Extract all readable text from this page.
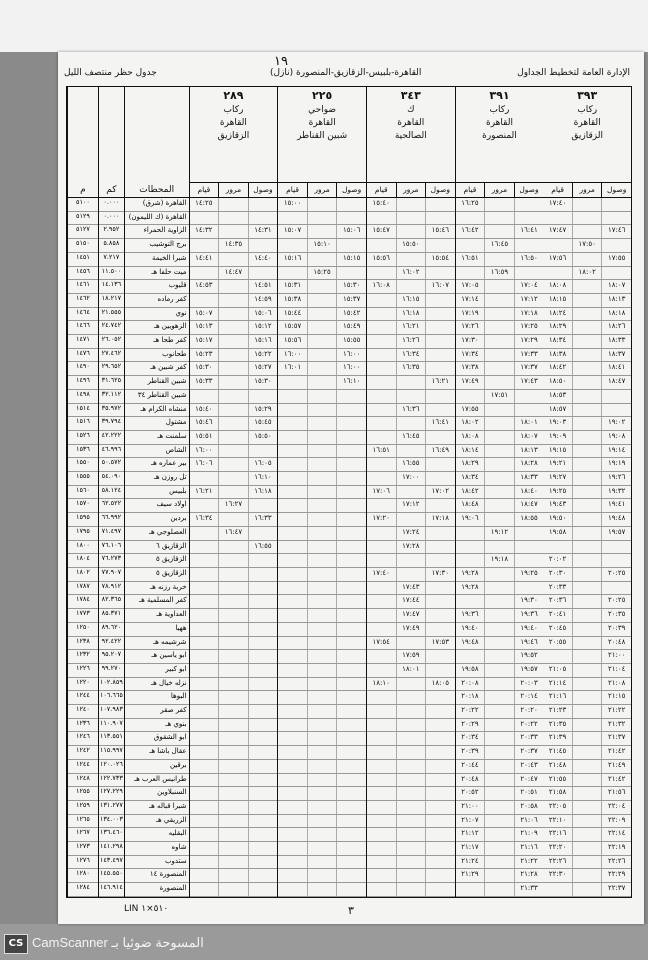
١٩
الإدارة العامة لتخطيط الجداول
القاهرة-بلبيس-الزقازيق-المنصورة (نازل)
جدول حظر منتصف الليل
م
٥١٠٠
٥١٢٩
٥١٢٧
٥١٥٠
١٤٥١
١٤٥٦
١٤٦١
١٤٦٢
١٤٦٤
١٤٦٦
١٤٧١
١٤٧٦
١٤٩٠
١٤٩٦
١٤٩٨
١٥١٤
١٥١٦
١٥٢٦
١٥٣٦
١٥٥٠
١٥٥٥
١٥٦٠
١٥٧٠
١٥٩٥
١٧٩٥
١٨٠٠
١٨٠٤
١٨٠٢
١٧٨٧
١٧٨٤
١٧٧٣
١٢٥٠
١٢٣٨
١٢٣٢
١٢٢٦
١٢٢٠
١٢٤٤
١٢٤٠
١٢٣٦
١٢٤٦
١٢٤٢
١٢٤٤
١٢٤٨
١٢٥٥
١٢٥٩
١٢٦٥
١٢٦٧
١٢٧٣
١٢٧٦
١٢٨٠
١٢٨٤
كم
٠.٠٠٠
٠.٠٠٠
٢.٩٥٢
٥.٨٥٨
٧.٢١٧
١١.٥٠٠
١٤.١٣٦
١٨.٢١٧
٢١.٥٥٥
٢٤.٧٤٢
٢٦.٠٥٢
٢٧.٤٦٢
٢٩.٦٥٢
٣١.٦٢٥
٣٢.١١٢
٣٥.٩٧٢
٣٩.٧٩٤
٤٢.٢٢٢
٤٦.٩٩٦
٥٠.٥٧٢
٥٤.٠٩٠
٥٨.١٢٤
٦٢.٥٢٢
٦٦.٩٩٢
٧١.٤٩٧
٧٦.١٠٦
٧٦.٢٧٣
٧٧.٩٠٧
٧٨.٩١٢
٨٢.٣٦٥
٨٥.٣٧١
٨٩.٦٢٠
٩٢.٤٢٢
٩٥.٢٠٧
٩٩.٢٧٠
١٠٢.٨٥٩
١٠٦.٦٦٥
١٠٧.٩٨٣
١١٠.٩٠٧
١١٣.٥٥١
١١٥.٩٩٧
١٢٠.٠٢٦
١٢٢.٧٣٣
١٢٧.٢٢٩
١٣١.٢٧٧
١٣٤.٠٠٣
١٣٦.٤٦٠
١٤١.٢٩٨
١٤٣.٤٩٧
١٤٥.٥٥٠
١٤٦.٩١٤
المحطات
القاهرة (شرق)
القاهرة (ك الليمون)
الزاوية الحمراء
برج التوشيب
شبرا الخيمة
ميت حلفا هـ
قليوب
كفر رماده
نوي
الزهويين هـ
كفر طحا هـ
طحانوب
كفر شبين هـ
شبين القناطر
شبين القناطر ٣٤
منشاه الكرام هـ
مشتول
سلمنت هـ
الشاص
بير عماره هـ
تل روزن هـ
بلبيس
اولاد سيف
بردين
العصلوجي هـ
الزقازيق ٦
الزقازيق ٥
الزقازيق ٥
خربة رزنه هـ
كفر المسلمية هـ
العداوية هـ
ههيا
شرشيمه هـ
ابو ياسين هـ
ابو كبير
نزله خيال هـ
البوها
كفر صقر
بنوي هـ
ابو الشقوق
عقال باشا هـ
برقين
طرانيس العرب هـ
السنبلاوين
شبرا قباله هـ
الزريقي هـ
البقليه
شاوه
ستدوب
المنصورة ١٤
المنصورة
٢٨٩
ركاب
القاهرة
الزقازيق
وصول
مرور
قيام
١٤:٢٥
١٤:٣١
١٤:٣٢
١٤:٣٥
١٤:٤٠
١٤:٤١
١٤:٤٧
١٤:٥١
١٤:٥٣
١٤:٥٩
١٥:٠٦
١٥:٠٧
١٥:١٢
١٥:١٣
١٥:١٦
١٥:١٧
١٥:٢٢
١٥:٢٣
١٥:٢٧
١٥:٣٠
١٥:٣٠
١٥:٣٣
١٥:٢٩
١٥:٤٠
١٥:٤٥
١٥:٤٦
١٥:٥٠
١٥:٥١
١٦:٠٠
١٦:٠٥
١٦:٠٦
١٦:١٠
١٦:١٨
١٦:٢١
١٦:٢٧
١٦:٣٣
١٦:٣٤
١٦:٤٧
١٦:٥٥
٢٢٥
ضواحي
القاهرة
شبين القناطر
وصول
مرور
قيام
١٥:٠٠
١٥:٠٦
١٥:٠٧
١٥:١٠
١٥:١٥
١٥:١٦
١٥:٢٥
١٥:٣٠
١٥:٣١
١٥:٣٧
١٥:٣٨
١٥:٤٢
١٥:٤٤
١٥:٤٩
١٥:٥٧
١٥:٥٥
١٥:٥٦
١٦:٠٠
١٦:٠٠
١٦:٠٠
١٦:٠١
١٦:١٠
٣٤٣
ك
القاهرة
الصالحية
وصول
مرور
قيام
١٥:٤٠
١٥:٤٦
١٥:٤٧
١٥:٥٠
١٥:٥٤
١٥:٥٦
١٦:٠٢
١٦:٠٧
١٦:٠٨
١٦:١٥
١٦:١٨
١٦:٢١
١٦:٢٦
١٦:٣٤
١٦:٣٥
١٦:٢١
١٦:٣٦
١٦:٤١
١٦:٤٥
١٦:٤٩
١٦:٥١
١٦:٥٥
١٧:٠٠
١٧:٠٢
١٧:٠٦
١٧:١٢
١٧:١٨
١٧:٢٠
١٧:٢٤
١٧:٢٨
١٧:٣٠
١٧:٤٠
١٧:٤٣
١٧:٤٤
١٧:٤٧
١٧:٤٩
١٧:٥٣
١٧:٥٤
١٧:٥٩
١٨:٠١
١٨:٠٥
١٨:١٠
٣٩١
ركاب
القاهرة
المنصورة
وصول
مرور
قيام
١٦:٢٥
١٦:٤١
١٦:٤٢
١٦:٤٥
١٦:٥٠
١٦:٥١
١٦:٥٩
١٧:٠٤
١٧:٠٥
١٧:١٢
١٧:١٤
١٧:١٨
١٧:١٩
١٧:٢٥
١٧:٢٦
١٧:٢٩
١٧:٣٠
١٧:٣٣
١٧:٣٤
١٧:٣٧
١٧:٣٨
١٧:٤٣
١٧:٤٩
١٧:٥١
١٧:٥٥
١٨:٠١
١٨:٠٢
١٨:٠٧
١٨:٠٨
١٨:١٣
١٨:١٤
١٨:٢٨
١٨:٢٩
١٨:٣٣
١٨:٣٤
١٨:٤٠
١٨:٤٢
١٨:٤٧
١٨:٤٨
١٨:٥٥
١٩:٠٦
١٩:١٢
١٩:١٨
١٩:٢٥
١٩:٢٨
١٩:٢٨
١٩:٣٠
١٩:٣٦
١٩:٣٦
١٩:٤٠
١٩:٤٠
١٩:٤٦
١٩:٤٨
١٩:٥٢
١٩:٥٧
١٩:٥٨
٢٠:٠٣
٢٠:٠٨
٢٠:١٤
٢٠:١٨
٢٠:٢٠
٢٠:٢٢
٢٠:٢٢
٢٠:٢٩
٢٠:٣٣
٢٠:٣٤
٢٠:٣٧
٢٠:٣٩
٢٠:٤٣
٢٠:٤٤
٢٠:٤٧
٢٠:٤٨
٢٠:٥١
٢٠:٥٢
٢٠:٥٨
٢١:٠٠
٢١:٠٦
٢١:٠٧
٢١:٠٩
٢١:١٢
٢١:١٦
٢١:١٧
٢١:٢٢
٢١:٢٤
٢١:٢٨
٢١:٢٩
٢١:٣٣
٣٩٣
ركاب
القاهرة
الزقازيق
وصول
مرور
قيام
١٧:٤٠
١٧:٤٦
١٧:٤٧
١٧:٥٠
١٧:٥٥
١٧:٥٦
١٨:٠٢
١٨:٠٧
١٨:٠٨
١٨:١٣
١٨:١٥
١٨:١٨
١٨:٢٤
١٨:٢٦
١٨:٢٩
١٨:٣٣
١٨:٣٤
١٨:٣٧
١٨:٣٨
١٨:٤١
١٨:٤٢
١٨:٤٧
١٨:٥٠
١٨:٥٣
١٨:٥٧
١٩:٠٢
١٩:٠٣
١٩:٠٨
١٩:٠٩
١٩:١٤
١٩:١٥
١٩:١٩
١٩:٢١
١٩:٢٦
١٩:٢٧
١٩:٣٢
١٩:٢٥
١٩:٤١
١٩:٤٣
١٩:٤٨
١٩:٥٠
١٩:٥٧
١٩:٥٨
٢٠:٠٢
٢٠:٢٥
٢٠:٣٠
٢٠:٣٣
٢٠:٢٥
٢٠:٣٦
٢٠:٣٥
٢٠:٤١
٢٠:٣٩
٢٠:٤٥
٢٠:٤٨
٢٠:٥٥
٢١:٠٠
٢١:٠٤
٢١:٠٥
٢١:٠٨
٢١:١٤
٢١:١٥
٢١:١٦
٢١:٢٢
٢١:٢٣
٢١:٣٢
٢١:٣٥
٢١:٣٧
٢١:٣٩
٢١:٤٢
٢١:٤٥
٢١:٤٩
٢١:٤٨
٢١:٤٢
٢١:٥٥
٢١:٥٦
٢١:٥٨
٢٢:٠٤
٢٢:٠٥
٢٢:٠٩
٢٢:١٠
٢٢:١٤
٢٢:١٦
٢٢:١٩
٢٢:٢٠
٢٢:٢٦
٢٢:٢٦
٢٢:٢٩
٢٢:٣٠
٢٢:٣٧
٣
LIN ٥١٠×١
CS المسوحة ضوئيا بـ CamScanner
